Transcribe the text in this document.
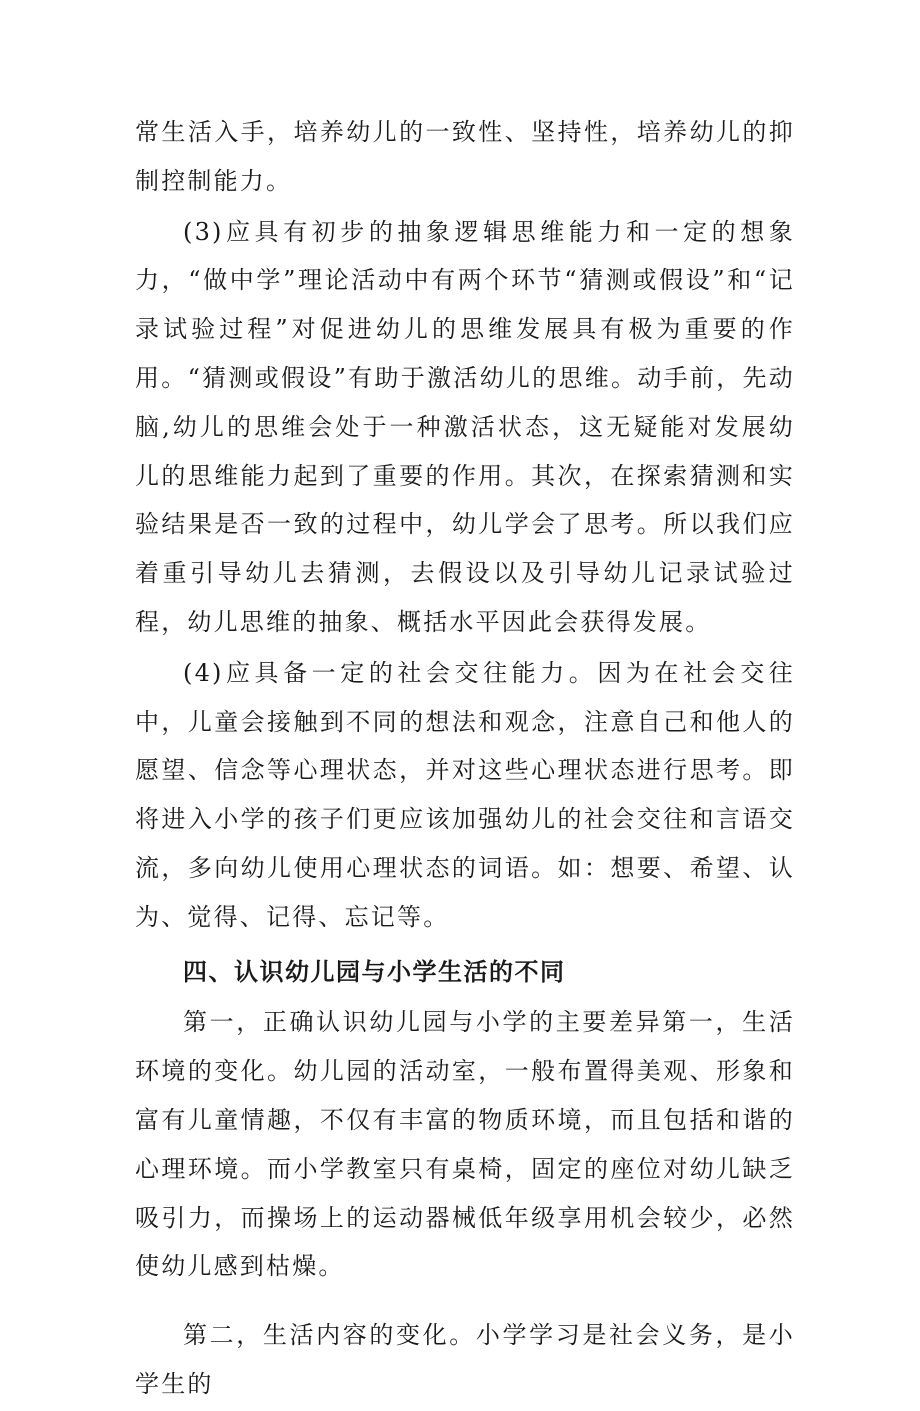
常生活入手，培养幼儿的一致性、坚持性，培养幼儿的抑制控制能力。

(3)应具有初步的抽象逻辑思维能力和一定的想象力，“做中学”理论活动中有两个环节“猜测或假设”和“记录试验过程”对促进幼儿的思维发展具有极为重要的作用。“猜测或假设”有助于激活幼儿的思维。动手前，先动脑,幼儿的思维会处于一种激活状态，这无疑能对发展幼儿的思维能力起到了重要的作用。其次，在探索猜测和实验结果是否一致的过程中，幼儿学会了思考。所以我们应着重引导幼儿去猜测，去假设以及引导幼儿记录试验过程，幼儿思维的抽象、概括水平因此会获得发展。

(4)应具备一定的社会交往能力。因为在社会交往中，儿童会接触到不同的想法和观念，注意自己和他人的愿望、信念等心理状态，并对这些心理状态进行思考。即将进入小学的孩子们更应该加强幼儿的社会交往和言语交流，多向幼儿使用心理状态的词语。如：想要、希望、认为、觉得、记得、忘记等。

四、认识幼儿园与小学生活的不同

第一，正确认识幼儿园与小学的主要差异第一，生活环境的变化。幼儿园的活动室，一般布置得美观、形象和富有儿童情趣，不仅有丰富的物质环境，而且包括和谐的心理环境。而小学教室只有桌椅，固定的座位对幼儿缺乏吸引力，而操场上的运动器械低年级享用机会较少，必然使幼儿感到枯燥。

第二，生活内容的变化。小学学习是社会义务，是小学生的
